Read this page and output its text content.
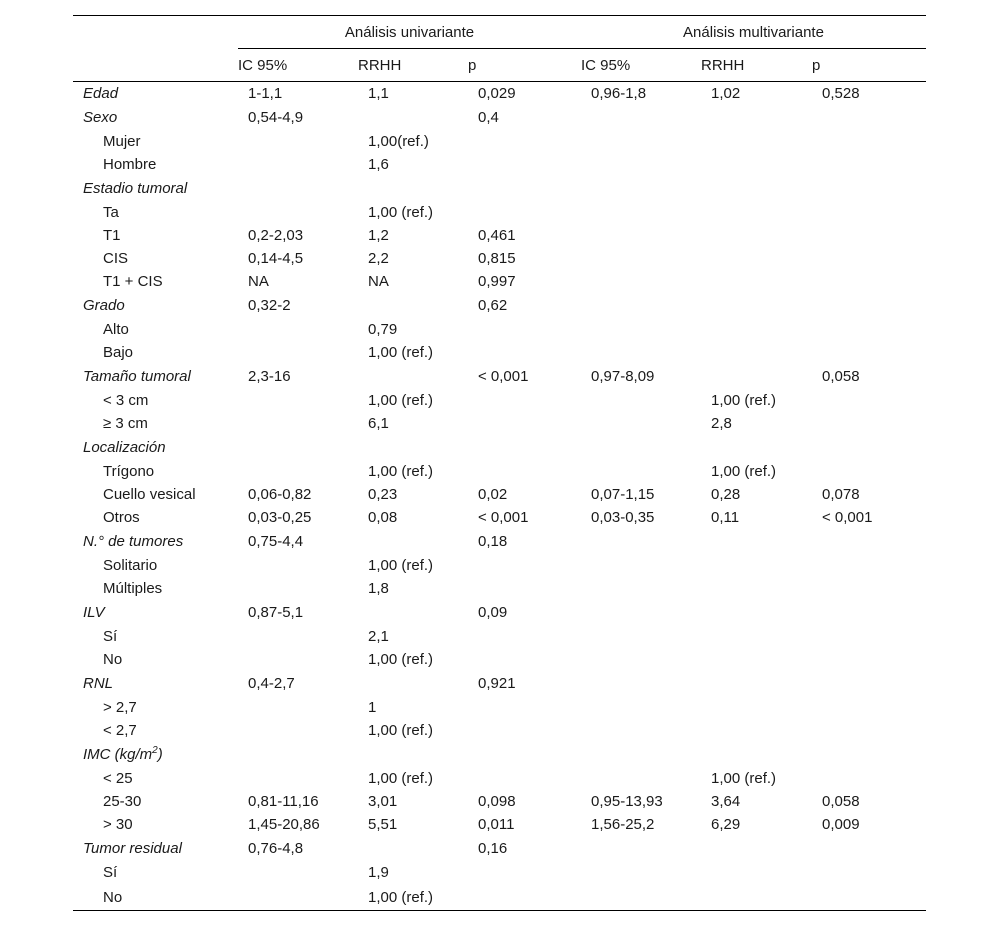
	Análisis univariante			Análisis multivariante		
	IC 95%	RRHH	p	IC 95%	RRHH	p
Edad	1-1,1	1,1	0,029	0,96-1,8	1,02	0,528
Sexo	0,54-4,9		0,4			
Mujer		1,00(ref.)				
Hombre		1,6				
Estadio tumoral						
Ta		1,00 (ref.)				
T1	0,2-2,03	1,2	0,461			
CIS	0,14-4,5	2,2	0,815			
T1 + CIS	NA	NA	0,997			
Grado	0,32-2		0,62			
Alto		0,79				
Bajo		1,00 (ref.)				
Tamaño tumoral	2,3-16		< 0,001	0,97-8,09		0,058
< 3 cm		1,00 (ref.)			1,00 (ref.)	
≥ 3 cm		6,1			2,8	
Localización						
Trígono		1,00 (ref.)			1,00 (ref.)	
Cuello vesical	0,06-0,82	0,23	0,02	0,07-1,15	0,28	0,078
Otros	0,03-0,25	0,08	< 0,001	0,03-0,35	0,11	< 0,001
N.° de tumores	0,75-4,4		0,18			
Solitario		1,00 (ref.)				
Múltiples		1,8				
ILV	0,87-5,1		0,09			
Sí		2,1				
No		1,00 (ref.)				
RNL	0,4-2,7		0,921			
> 2,7		1				
< 2,7		1,00 (ref.)				
IMC $(kg/m^2)$						
< 25		1,00 (ref.)			1,00 (ref.)	
25-30	0,81-11,16	3,01	0,098	0,95-13,93	3,64	0,058
> 30	1,45-20,86	5,51	0,011	1,56-25,2	6,29	0,009
Tumor residual	0,76-4,8		0,16			
Sí		1,9				
No		1,00 (ref.)				
